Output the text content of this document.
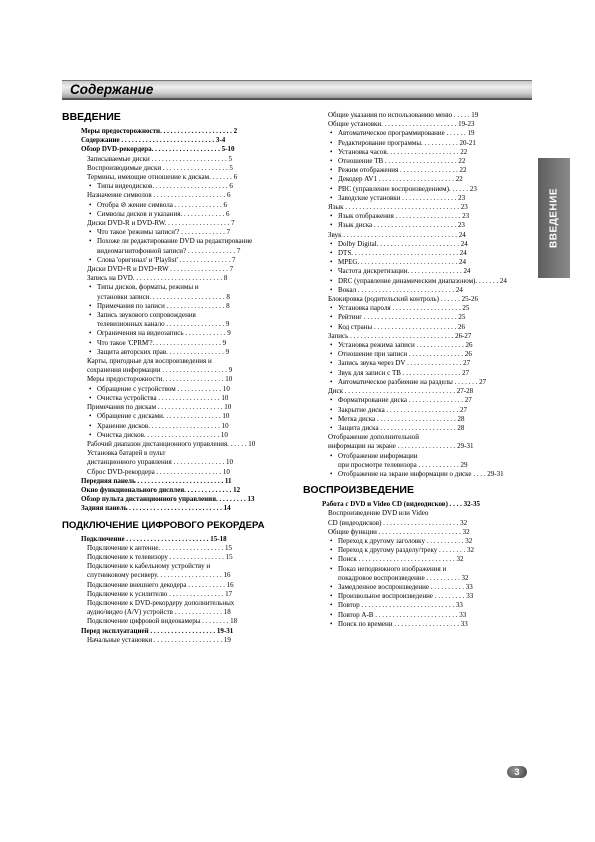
Содержание
ВВЕДЕНИЕ
ВВЕДЕНИЕ
Меры предосторожности. . . . . . . . . . . . . . . . . . . . . 2
Содержание . . . . . . . . . . . . . . . . . . . . . . . . . . . 3-4
Обзор DVD-рекордера. . . . . . . . . . . . . . . . . . . . 5-10
Записываемые диски . . . . . . . . . . . . . . . . . . . . . . 5
Воспроизводимые диски . . . . . . . . . . . . . . . . . . . 5
Термины, имеющие отношение к дискам. . . . . . . 6
• Типы видеодисков. . . . . . . . . . . . . . . . . . . . . . 6
Назначение символов . . . . . . . . . . . . . . . . . . . . . 6
• Отобра ⊘ жение символа . . . . . . . . . . . . . . 6
• Символы дисков и указания. . . . . . . . . . . . . 6
Диски DVD-R и DVD-RW. . . . . . . . . . . . . . . . . . . 7
• Что такое 'режимы записи'? . . . . . . . . . . . . . 7
• Похоже ли редактирование DVD на редактирование
видеомагнитофонной записи? . . . . . . . . . . . . . . 7
• Слова 'оригинал' и 'Playlist' . . . . . . . . . . . . . . . 7
Диски DVD+R и DVD+RW . . . . . . . . . . . . . . . . . 7
Запись на DVD. . . . . . . . . . . . . . . . . . . . . . . . . . 8
• Типы дисков, форматы, режимы и
установки записи. . . . . . . . . . . . . . . . . . . . . . 8
• Примечания по записи . . . . . . . . . . . . . . . . . 8
• Запись звукового сопровождения
телевизионных канало . . . . . . . . . . . . . . . . . 9
• Ограничения на видеозапись . . . . . . . . . . . . 9
• Что такое 'CPRM'?. . . . . . . . . . . . . . . . . . . . 9
• Защита авторских прав. . . . . . . . . . . . . . . . . 9
Карты, пригодные для воспроизведения и
сохранения информации . . . . . . . . . . . . . . . . . . . 9
Меры предосторожности. . . . . . . . . . . . . . . . . . 10
• Обращение с устройством . . . . . . . . . . . . . 10
• Очистка устройства . . . . . . . . . . . . . . . . . . 10
Примечания по дискам . . . . . . . . . . . . . . . . . . . 10
• Обращение с дисками. . . . . . . . . . . . . . . . . 10
• Хранение дисков. . . . . . . . . . . . . . . . . . . . . 10
• Очистка дисков. . . . . . . . . . . . . . . . . . . . . . 10
Рабочий диапазон дистанционного управления. . . . . . 10
Установка батарей в пульт
дистанционного управления . . . . . . . . . . . . . . . 10
Сброс DVD-рекордера . . . . . . . . . . . . . . . . . . . 10
Передняя панель . . . . . . . . . . . . . . . . . . . . . . . . . 11
Окно функционального дисплея. . . . . . . . . . . . . . 12
Обзор пульта дистанционного управления. . . . . . . . . 13
Задняя панель . . . . . . . . . . . . . . . . . . . . . . . . . . . 14
ПОДКЛЮЧЕНИЕ ЦИФРОВОГО РЕКОРДЕРА
Подключение . . . . . . . . . . . . . . . . . . . . . . . . 15-18
Подключение к антенне. . . . . . . . . . . . . . . . . . . 15
Подключение к телевизору . . . . . . . . . . . . . . . . 15
Подключение к кабельному устройству и
спутниковому ресиверу. . . . . . . . . . . . . . . . . . . 16
Подключение внешнего декодера . . . . . . . . . . . 16
Подключение к усилителю . . . . . . . . . . . . . . . . 17
Подключение к DVD-рекордеру дополнительных
аудио/видео (A/V) устройств . . . . . . . . . . . . . . 18
Подключение цифровой видеокамеры . . . . . . . . 18
Перед эксплуатацией . . . . . . . . . . . . . . . . . . . 19-31
Начальные установки . . . . . . . . . . . . . . . . . . . . 19
Общие указания по использованию меню . . . . . 19
Общие установки. . . . . . . . . . . . . . . . . . . . . . 19-23
• Автоматическое программирование . . . . . . 19
• Редактирование программы. . . . . . . . . . . 20-21
• Установка часов. . . . . . . . . . . . . . . . . . . . . 22
• Отношение ТВ . . . . . . . . . . . . . . . . . . . . . 22
• Режим отображения . . . . . . . . . . . . . . . . . 22
• Декодер AV1 . . . . . . . . . . . . . . . . . . . . . . 22
• PBC (управление воспроизведением). . . . . . 23
• Заводские установки . . . . . . . . . . . . . . . . 23
Язык . . . . . . . . . . . . . . . . . . . . . . . . . . . . . . . . . 23
• Язык отображения . . . . . . . . . . . . . . . . . . . 23
• Язык диска . . . . . . . . . . . . . . . . . . . . . . . . 23
Звук . . . . . . . . . . . . . . . . . . . . . . . . . . . . . . . . . 24
• Dolby Digital. . . . . . . . . . . . . . . . . . . . . . . . 24
• DTS. . . . . . . . . . . . . . . . . . . . . . . . . . . . . . . 24
• MPEG. . . . . . . . . . . . . . . . . . . . . . . . . . . . . 24
• Частота дискретизации. . . . . . . . . . . . . . . . 24
• DRC (управление динамическим диапазоном). . . . . . . 24
• Вокал . . . . . . . . . . . . . . . . . . . . . . . . . . . . 24
Блокировка (родительский контроль) . . . . . . 25-26
• Установка пароля . . . . . . . . . . . . . . . . . . . . 25
• Рейтинг . . . . . . . . . . . . . . . . . . . . . . . . . . . 25
• Код страны . . . . . . . . . . . . . . . . . . . . . . . . 26
Запись . . . . . . . . . . . . . . . . . . . . . . . . . . . . . . 26-27
• Установка режима записи . . . . . . . . . . . . . . 26
• Отношение при записи . . . . . . . . . . . . . . . . 26
• Запись звука через DV . . . . . . . . . . . . . . . . 27
• Звук для записи с ТВ . . . . . . . . . . . . . . . . . 27
• Автоматическое разбиение на разделы . . . . . . . 27
Диск . . . . . . . . . . . . . . . . . . . . . . . . . . . . . . . . 27-28
• Форматирование диска . . . . . . . . . . . . . . . . 27
• Закрытие диска . . . . . . . . . . . . . . . . . . . . . 27
• Метка диска . . . . . . . . . . . . . . . . . . . . . . . 28
• Защита диска . . . . . . . . . . . . . . . . . . . . . . 28
Отображение дополнительной
информации на экране . . . . . . . . . . . . . . . . . 29-31
• Отображение информации
при просмотре телевизора . . . . . . . . . . . . 29
• Отображение на экране информации о диске . . . . 29-31
ВОСПРОИЗВЕДЕНИЕ
Работа с DVD и Video CD (видеодисков) . . . . 32-35
Воспроизведение DVD или Video
CD (видеодисков) . . . . . . . . . . . . . . . . . . . . . . 32
Общие функции . . . . . . . . . . . . . . . . . . . . . . . . 32
• Переход к другому заголовку . . . . . . . . . . . 32
• Переход к другому разделу/треку . . . . . . . . 32
• Поиск . . . . . . . . . . . . . . . . . . . . . . . . . . . . 32
• Показ неподвижного изображения и
покадровое воспроизведение . . . . . . . . . . 32
• Замедленное воспроизведение . . . . . . . . . . 33
• Произвольное воспроизведение . . . . . . . . . 33
• Повтор . . . . . . . . . . . . . . . . . . . . . . . . . . . 33
• Повтор A-B . . . . . . . . . . . . . . . . . . . . . . . . 33
• Поиск по времени . . . . . . . . . . . . . . . . . . . 33
3
